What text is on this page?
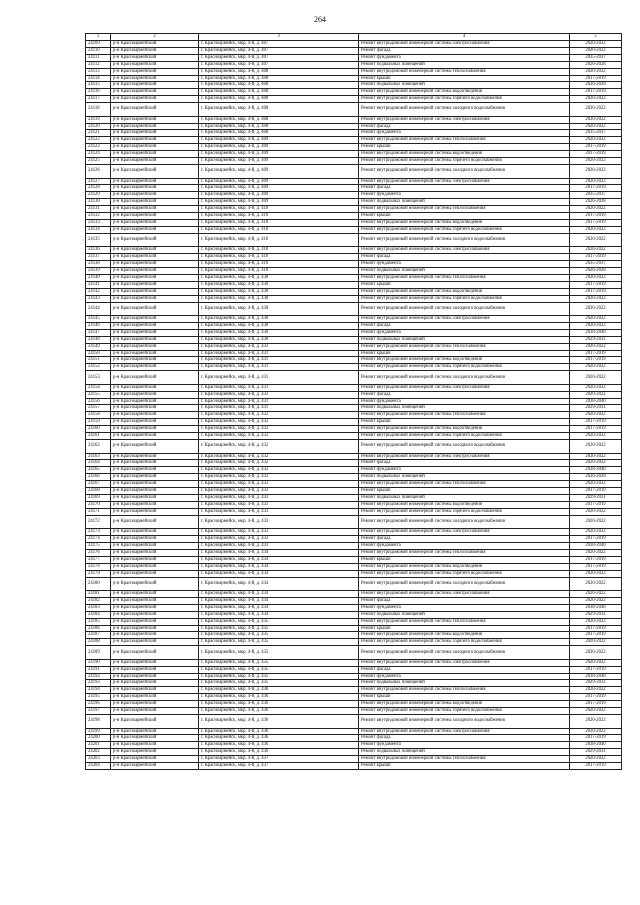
264
1	2	3	4	5
24109	р-н Красноармейский	г. Красноармейск, мкр. 4-й, д. 407	Ремонт внутридомовой инженерной системы электроснабжения	2020-2022
24110	р-н Красноармейский	г. Красноармейск, мкр. 4-й, д. 407	Ремонт фасада	2020-2022
24111	р-н Красноармейский	г. Красноармейск, мкр. 4-й, д. 407	Ремонт фундамента	2035-2037
24112	р-н Красноармейский	г. Красноармейск, мкр. 4-й, д. 407	Ремонт подвальных помещений	2026-2028
24113	р-н Красноармейский	г. Красноармейск, мкр. 4-й, д. 408	Ремонт внутридомовой инженерной системы теплоснабжения	2020-2022
24114	р-н Красноармейский	г. Красноармейск, мкр. 4-й, д. 408	Ремонт крыши	2017-2019
24115	р-н Красноармейский	г. Красноармейск, мкр. 4-й, д. 408	Ремонт подвальных помещений	2026-2028
24116	р-н Красноармейский	г. Красноармейск, мкр. 4-й, д. 408	Ремонт внутридомовой инженерной системы водоотведения	2017-2019
24117	р-н Красноармейский	г. Красноармейск, мкр. 4-й, д. 408	Ремонт внутридомовой инженерной системы горячего водоснабжения	2020-2022
24118	р-н Красноармейский	г. Красноармейск, мкр. 4-й, д. 408	Ремонт внутридомовой инженерной системы холодного водоснабжения	2020-2022
24119	р-н Красноармейский	г. Красноармейск, мкр. 4-й, д. 408	Ремонт внутридомовой инженерной системы электроснабжения	2020-2022
24120	р-н Красноармейский	г. Красноармейск, мкр. 4-й, д. 408	Ремонт фасада	2020-2022
24121	р-н Красноармейский	г. Красноармейск, мкр. 4-й, д. 408	Ремонт фундамента	2035-2037
24122	р-н Красноармейский	г. Красноармейск, мкр. 4-й, д. 409	Ремонт внутридомовой инженерной системы теплоснабжения	2020-2022
24123	р-н Красноармейский	г. Красноармейск, мкр. 4-й, д. 409	Ремонт крыши	2017-2019
24124	р-н Красноармейский	г. Красноармейск, мкр. 4-й, д. 409	Ремонт внутридомовой инженерной системы водоотведения	2017-2019
24125	р-н Красноармейский	г. Красноармейск, мкр. 4-й, д. 409	Ремонт внутридомовой инженерной системы горячего водоснабжения	2020-2022
24126	р-н Красноармейский	г. Красноармейск, мкр. 4-й, д. 409	Ремонт внутридомовой инженерной системы холодного водоснабжения	2020-2022
24127	р-н Красноармейский	г. Красноармейск, мкр. 4-й, д. 409	Ремонт внутридомовой инженерной системы электроснабжения	2020-2022
24128	р-н Красноармейский	г. Красноармейск, мкр. 4-й, д. 409	Ремонт фасада	2017-2019
24129	р-н Красноармейский	г. Красноармейск, мкр. 4-й, д. 409	Ремонт фундамента	2035-2037
24130	р-н Красноармейский	г. Красноармейск, мкр. 4-й, д. 409	Ремонт подвальных помещений	2026-2028
24131	р-н Красноармейский	г. Красноармейск, мкр. 4-й, д. 410	Ремонт внутридомовой инженерной системы теплоснабжения	2020-2022
24132	р-н Красноармейский	г. Красноармейск, мкр. 4-й, д. 410	Ремонт крыши	2017-2019
24133	р-н Красноармейский	г. Красноармейск, мкр. 4-й, д. 410	Ремонт внутридомовой инженерной системы водоотведения	2017-2019
24134	р-н Красноармейский	г. Красноармейск, мкр. 4-й, д. 410	Ремонт внутридомовой инженерной системы горячего водоснабжения	2020-2022
24135	р-н Красноармейский	г. Красноармейск, мкр. 4-й, д. 410	Ремонт внутридомовой инженерной системы холодного водоснабжения	2020-2022
24136	р-н Красноармейский	г. Красноармейск, мкр. 4-й, д. 410	Ремонт внутридомовой инженерной системы электроснабжения	2020-2022
24137	р-н Красноармейский	г. Красноармейск, мкр. 4-й, д. 410	Ремонт фасада	2017-2019
24138	р-н Красноармейский	г. Красноармейск, мкр. 4-й, д. 410	Ремонт фундамента	2035-2037
24139	р-н Красноармейский	г. Красноармейск, мкр. 4-й, д. 410	Ремонт подвальных помещений	2026-2028
24140	р-н Красноармейский	г. Красноармейск, мкр. 4-й, д. 430	Ремонт внутридомовой инженерной системы теплоснабжения	2020-2022
24141	р-н Красноармейский	г. Красноармейск, мкр. 4-й, д. 430	Ремонт крыши	2017-2019
24142	р-н Красноармейский	г. Красноармейск, мкр. 4-й, д. 430	Ремонт внутридомовой инженерной системы водоотведения	2017-2019
24143	р-н Красноармейский	г. Красноармейск, мкр. 4-й, д. 430	Ремонт внутридомовой инженерной системы горячего водоснабжения	2020-2022
24144	р-н Красноармейский	г. Красноармейск, мкр. 4-й, д. 430	Ремонт внутридомовой инженерной системы холодного водоснабжения	2020-2022
24145	р-н Красноармейский	г. Красноармейск, мкр. 4-й, д. 430	Ремонт внутридомовой инженерной системы электроснабжения	2020-2022
24146	р-н Красноармейский	г. Красноармейск, мкр. 4-й, д. 430	Ремонт фасада	2020-2022
24147	р-н Красноармейский	г. Красноармейск, мкр. 4-й, д. 430	Ремонт фундамента	2038-2040
24148	р-н Красноармейский	г. Красноармейск, мкр. 4-й, д. 430	Ремонт подвальных помещений	2029-2031
24149	р-н Красноармейский	г. Красноармейск, мкр. 4-й, д. 431	Ремонт внутридомовой инженерной системы теплоснабжения	2020-2022
24150	р-н Красноармейский	г. Красноармейск, мкр. 4-й, д. 431	Ремонт крыши	2017-2019
24151	р-н Красноармейский	г. Красноармейск, мкр. 4-й, д. 431	Ремонт внутридомовой инженерной системы водоотведения	2017-2019
24152	р-н Красноармейский	г. Красноармейск, мкр. 4-й, д. 431	Ремонт внутридомовой инженерной системы горячего водоснабжения	2020-2022
24153	р-н Красноармейский	г. Красноармейск, мкр. 4-й, д. 431	Ремонт внутридомовой инженерной системы холодного водоснабжения	2020-2022
24154	р-н Красноармейский	г. Красноармейск, мкр. 4-й, д. 431	Ремонт внутридомовой инженерной системы электроснабжения	2020-2022
24155	р-н Красноармейский	г. Красноармейск, мкр. 4-й, д. 431	Ремонт фасада	2020-2022
24156	р-н Красноармейский	г. Красноармейск, мкр. 4-й, д. 431	Ремонт фундамента	2038-2040
24157	р-н Красноармейский	г. Красноармейск, мкр. 4-й, д. 431	Ремонт подвальных помещений	2029-2031
24158	р-н Красноармейский	г. Красноармейск, мкр. 4-й, д. 432	Ремонт внутридомовой инженерной системы теплоснабжения	2020-2022
24159	р-н Красноармейский	г. Красноармейск, мкр. 4-й, д. 432	Ремонт крыши	2017-2019
24160	р-н Красноармейский	г. Красноармейск, мкр. 4-й, д. 432	Ремонт внутридомовой инженерной системы водоотведения	2017-2019
24161	р-н Красноармейский	г. Красноармейск, мкр. 4-й, д. 432	Ремонт внутридомовой инженерной системы горячего водоснабжения	2020-2022
24162	р-н Красноармейский	г. Красноармейск, мкр. 4-й, д. 432	Ремонт внутридомовой инженерной системы холодного водоснабжения	2020-2022
24163	р-н Красноармейский	г. Красноармейск, мкр. 4-й, д. 432	Ремонт внутридомовой инженерной системы электроснабжения	2020-2022
24164	р-н Красноармейский	г. Красноармейск, мкр. 4-й, д. 432	Ремонт фасада	2020-2022
24165	р-н Красноармейский	г. Красноармейск, мкр. 4-й, д. 432	Ремонт фундамента	2038-2040
24166	р-н Красноармейский	г. Красноармейск, мкр. 4-й, д. 432	Ремонт подвальных помещений	2026-2028
24167	р-н Красноармейский	г. Красноармейск, мкр. 4-й, д. 433	Ремонт внутридомовой инженерной системы теплоснабжения	2020-2022
24168	р-н Красноармейский	г. Красноармейск, мкр. 4-й, д. 433	Ремонт крыши	2017-2019
24169	р-н Красноармейский	г. Красноармейск, мкр. 4-й, д. 433	Ремонт подвальных помещений	2029-2031
24170	р-н Красноармейский	г. Красноармейск, мкр. 4-й, д. 433	Ремонт внутридомовой инженерной системы водоотведения	2017-2019
24171	р-н Красноармейский	г. Красноармейск, мкр. 4-й, д. 433	Ремонт внутридомовой инженерной системы горячего водоснабжения	2020-2022
24172	р-н Красноармейский	г. Красноармейск, мкр. 4-й, д. 433	Ремонт внутридомовой инженерной системы холодного водоснабжения	2020-2022
24173	р-н Красноармейский	г. Красноармейск, мкр. 4-й, д. 433	Ремонт внутридомовой инженерной системы электроснабжения	2020-2022
24174	р-н Красноармейский	г. Красноармейск, мкр. 4-й, д. 433	Ремонт фасада	2017-2019
24175	р-н Красноармейский	г. Красноармейск, мкр. 4-й, д. 433	Ремонт фундамента	2038-2040
24176	р-н Красноармейский	г. Красноармейск, мкр. 4-й, д. 434	Ремонт внутридомовой инженерной системы теплоснабжения	2020-2022
24177	р-н Красноармейский	г. Красноармейск, мкр. 4-й, д. 434	Ремонт крыши	2017-2019
24178	р-н Красноармейский	г. Красноармейск, мкр. 4-й, д. 434	Ремонт внутридомовой инженерной системы водоотведения	2017-2019
24179	р-н Красноармейский	г. Красноармейск, мкр. 4-й, д. 434	Ремонт внутридомовой инженерной системы горячего водоснабжения	2020-2022
24180	р-н Красноармейский	г. Красноармейск, мкр. 4-й, д. 434	Ремонт внутридомовой инженерной системы холодного водоснабжения	2020-2022
24181	р-н Красноармейский	г. Красноармейск, мкр. 4-й, д. 434	Ремонт внутридомовой инженерной системы электроснабжения	2020-2022
24182	р-н Красноармейский	г. Красноармейск, мкр. 4-й, д. 434	Ремонт фасада	2020-2022
24183	р-н Красноармейский	г. Красноармейск, мкр. 4-й, д. 434	Ремонт фундамента	2038-2040
24184	р-н Красноармейский	г. Красноармейск, мкр. 4-й, д. 434	Ремонт подвальных помещений	2029-2031
24185	р-н Красноармейский	г. Красноармейск, мкр. 4-й, д. 435	Ремонт внутридомовой инженерной системы теплоснабжения	2020-2022
24186	р-н Красноармейский	г. Красноармейск, мкр. 4-й, д. 435	Ремонт крыши	2017-2019
24187	р-н Красноармейский	г. Красноармейск, мкр. 4-й, д. 435	Ремонт внутридомовой инженерной системы водоотведения	2017-2019
24188	р-н Красноармейский	г. Красноармейск, мкр. 4-й, д. 435	Ремонт внутридомовой инженерной системы горячего водоснабжения	2020-2022
24189	р-н Красноармейский	г. Красноармейск, мкр. 4-й, д. 435	Ремонт внутридомовой инженерной системы холодного водоснабжения	2020-2022
24190	р-н Красноармейский	г. Красноармейск, мкр. 4-й, д. 435	Ремонт внутридомовой инженерной системы электроснабжения	2020-2022
24191	р-н Красноармейский	г. Красноармейск, мкр. 4-й, д. 435	Ремонт фасада	2017-2019
24192	р-н Красноармейский	г. Красноармейск, мкр. 4-й, д. 435	Ремонт фундамента	2038-2040
24193	р-н Красноармейский	г. Красноармейск, мкр. 4-й, д. 435	Ремонт подвальных помещений	2029-2031
24194	р-н Красноармейский	г. Красноармейск, мкр. 4-й, д. 436	Ремонт внутридомовой инженерной системы теплоснабжения	2020-2022
24195	р-н Красноармейский	г. Красноармейск, мкр. 4-й, д. 436	Ремонт крыши	2017-2019
24196	р-н Красноармейский	г. Красноармейск, мкр. 4-й, д. 436	Ремонт внутридомовой инженерной системы водоотведения	2017-2019
24197	р-н Красноармейский	г. Красноармейск, мкр. 4-й, д. 436	Ремонт внутридомовой инженерной системы горячего водоснабжения	2020-2022
24198	р-н Красноармейский	г. Красноармейск, мкр. 4-й, д. 436	Ремонт внутридомовой инженерной системы холодного водоснабжения	2020-2022
24199	р-н Красноармейский	г. Красноармейск, мкр. 4-й, д. 436	Ремонт внутридомовой инженерной системы электроснабжения	2020-2022
24200	р-н Красноармейский	г. Красноармейск, мкр. 4-й, д. 436	Ремонт фасада	2017-2019
24201	р-н Красноармейский	г. Красноармейск, мкр. 4-й, д. 436	Ремонт фундамента	2038-2040
24202	р-н Красноармейский	г. Красноармейск, мкр. 4-й, д. 436	Ремонт подвальных помещений	2029-2031
24203	р-н Красноармейский	г. Красноармейск, мкр. 4-й, д. 437	Ремонт внутридомовой инженерной системы теплоснабжения	2020-2022
24204	р-н Красноармейский	г. Красноармейск, мкр. 4-й, д. 437	Ремонт крыши	2017-2019
